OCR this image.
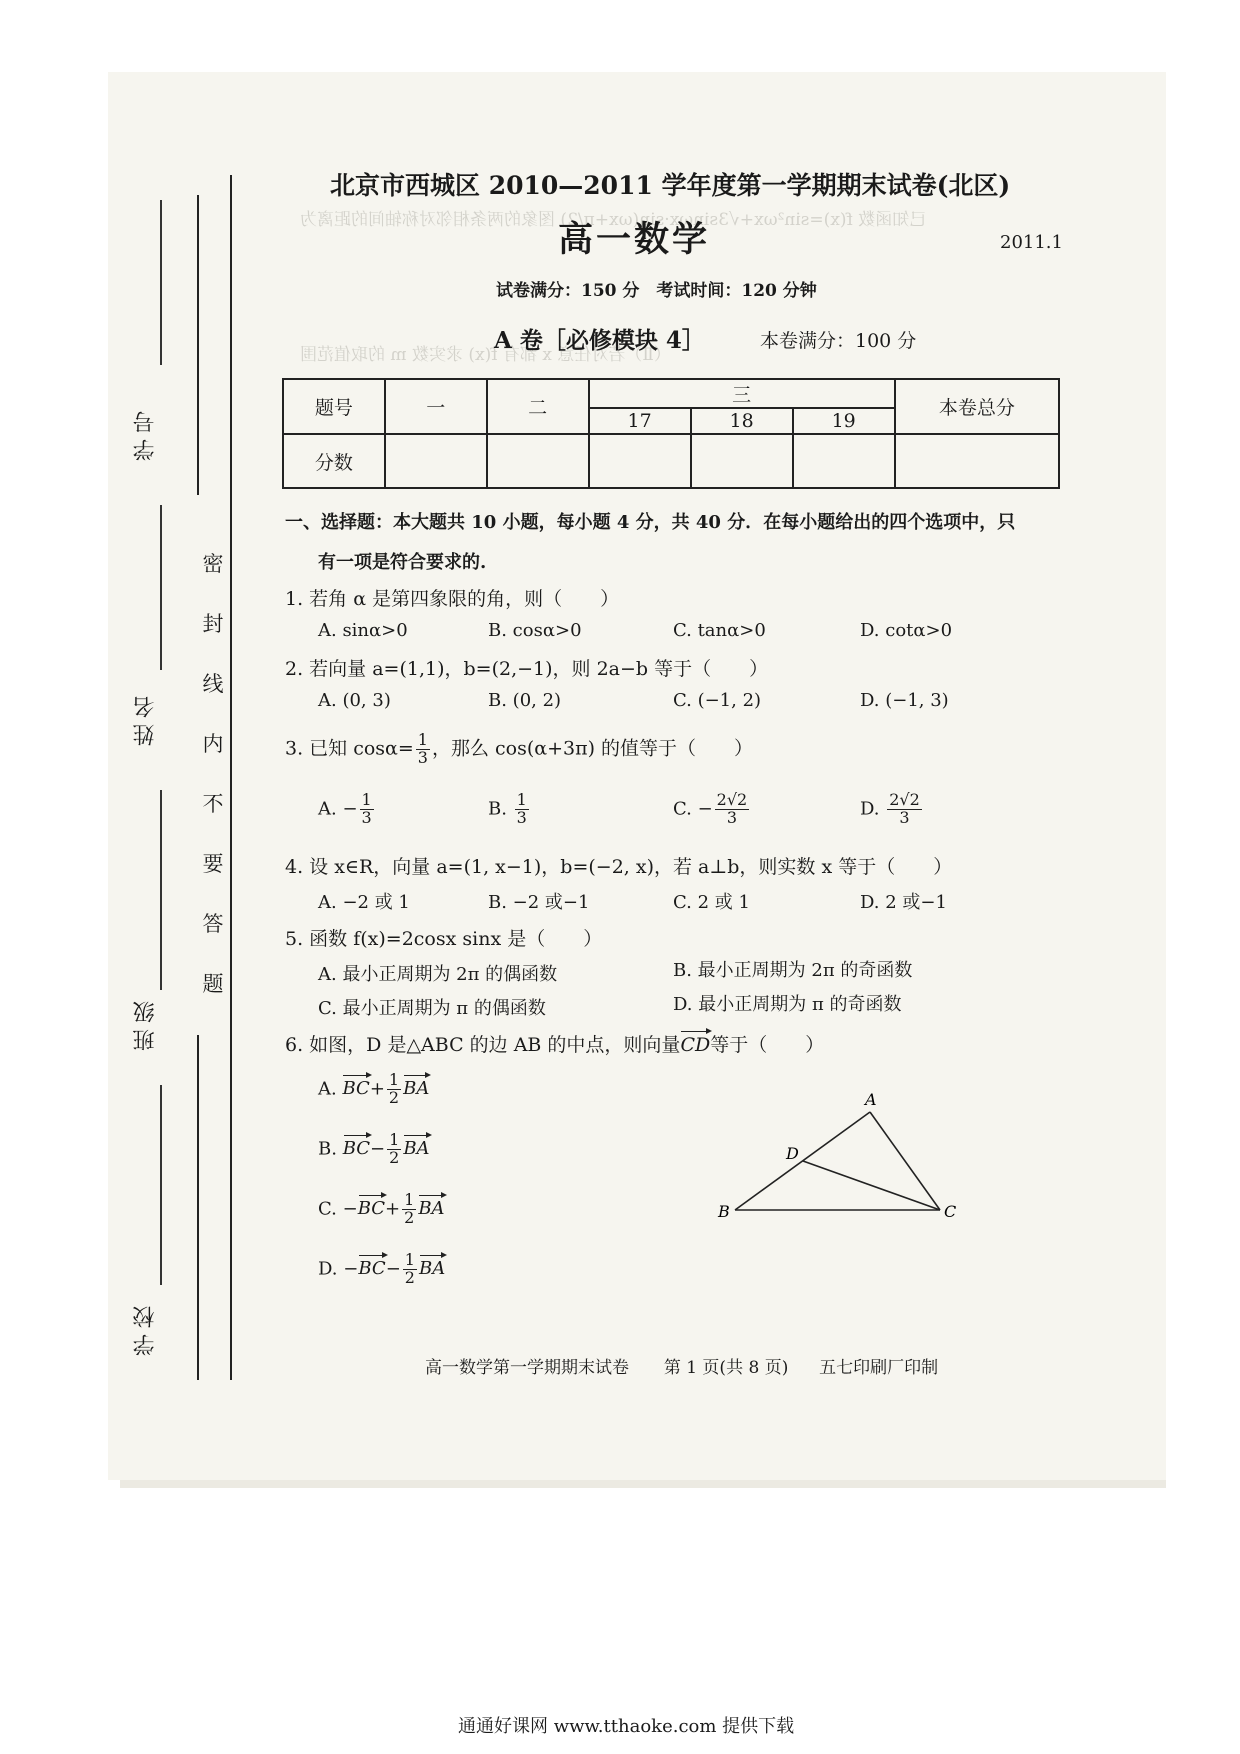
已知函数 f(x)=sin²ωx+√3sinωx·sin(ωx+π/2) 图象的两条相邻对称轴间的距离为
（Ⅱ）若对任意 x 都有 f(x) 求实数 m 的取值范围
学号
姓名
班级
学校
密
封
线
内
不
要
答
题
北京市西城区 2010—2011 学年度第一学期期末试卷(北区)
高一数学	2011.1
试卷满分：150 分　考试时间：120 分钟
A 卷［必修模块 4］	本卷满分：100 分
题号	一	二	三			本卷总分
			17	18	19	
分数						
一、选择题：本大题共 10 小题，每小题 4 分，共 40 分．在每小题给出的四个选项中，只
有一项是符合要求的.
1. 若角 α 是第四象限的角，则（　　）
A. sinα>0	B. cosα>0	C. tanα>0	D. cotα>0
2. 若向量 a=(1,1)，b=(2,−1)，则 2a−b 等于（　　）
A. (0, 3)	B. (0, 2)	C. (−1, 2)	D. (−1, 3)
3. 已知 $\cos\alpha= \frac{1}{3}$ ，那么 cos(α+3π) 的值等于（　　）
A. − $\frac{1}{3}$	B. $\frac{1}{3}$	C. − $\frac{2√2}{3}$	D. $\frac{2√2}{3}$
4. 设 x∈R，向量 a=(1, x−1)，b=(−2, x)，若 a⊥b，则实数 x 等于（　　）
A. −2 或 1	B. −2 或−1	C. 2 或 1	D. 2 或−1
5. 函数 f(x)=2cosx sinx 是（　　）
A. 最小正周期为 2π 的偶函数	B. 最小正周期为 2π 的奇函数
C. 最小正周期为 π 的偶函数	D. 最小正周期为 π 的奇函数
6. 如图，D 是△ABC 的边 AB 的中点，则向量CD等于（　　）
A. $BC+ \frac{1}{2}$ BA
B. $BC- \frac{1}{2}$ BA
C. $-BC+ \frac{1}{2}$ BA
D. $-BC- \frac{1}{2}$ BA
A
B	C
D
高一数学第一学期期末试卷 第 1 页(共 8 页) 五七印刷厂印制
通通好课网 www.tthaoke.com 提供下载
